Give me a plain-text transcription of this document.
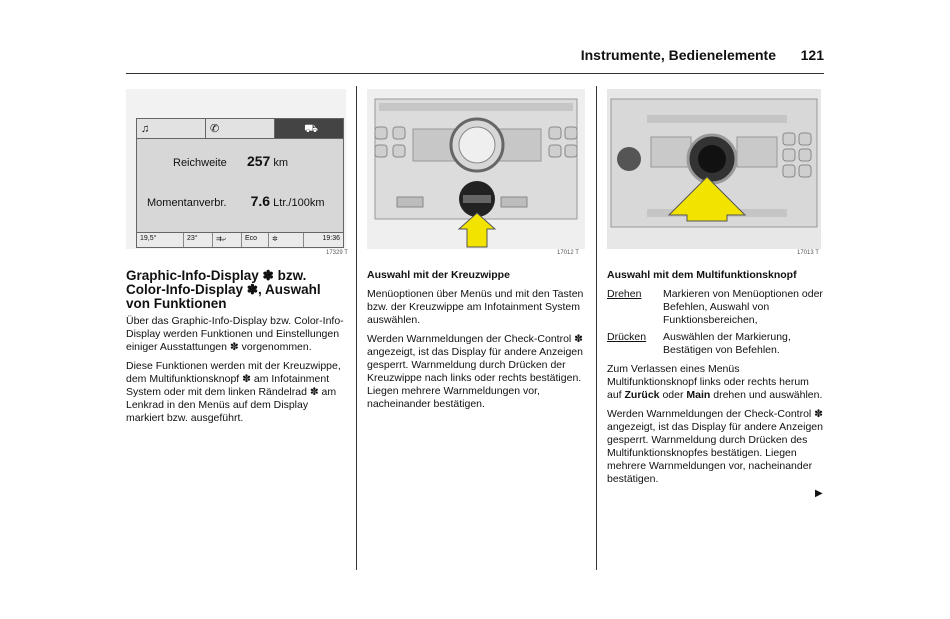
Instrumente, Bedienelemente 121
♫	✆	⛟
Reichweite 257 km
Momentanverbr. 7.6 Ltr./100km
19,5°	23°	⇉⤶	Eco	✲	19:36
17329 T	17012 T	17013 T
Graphic-Info-Display ✽ bzw. Color-Info-Display ✽, Auswahl von Funktionen

Über das Graphic-Info-Display bzw. Color-Info-Display werden Funktionen und Einstellungen einiger Ausstattungen ✽ vorgenommen.

Diese Funktionen werden mit der Kreuzwippe, dem Multifunktionsknopf ✽ am Infotainment System oder mit dem linken Rändelrad ✽ am Lenkrad in den Menüs auf dem Display markiert bzw. ausgeführt.

Auswahl mit der Kreuzwippe

Menüoptionen über Menüs und mit den Tasten bzw. der Kreuzwippe am Infotainment System auswählen.

Werden Warnmeldungen der Check-Control ✽ angezeigt, ist das Display für andere Anzeigen gesperrt. Warnmeldung durch Drücken der Kreuzwippe nach links oder rechts bestätigen. Liegen mehrere Warnmeldungen vor, nacheinander bestätigen.

Auswahl mit dem Multifunktionsknopf

Drehen	Markieren von Menüoptionen oder Befehlen, Auswahl von Funktionsbereichen,
Drücken	Auswählen der Markierung, Bestätigen von Befehlen.

Zum Verlassen eines Menüs Multifunktionsknopf links oder rechts herum auf Zurück oder Main drehen und auswählen.

Werden Warnmeldungen der Check-Control ✽ angezeigt, ist das Display für andere Anzeigen gesperrt. Warnmeldung durch Drücken des Multifunktionsknopfes bestätigen. Liegen mehrere Warnmeldungen vor, nacheinander bestätigen.

▶
